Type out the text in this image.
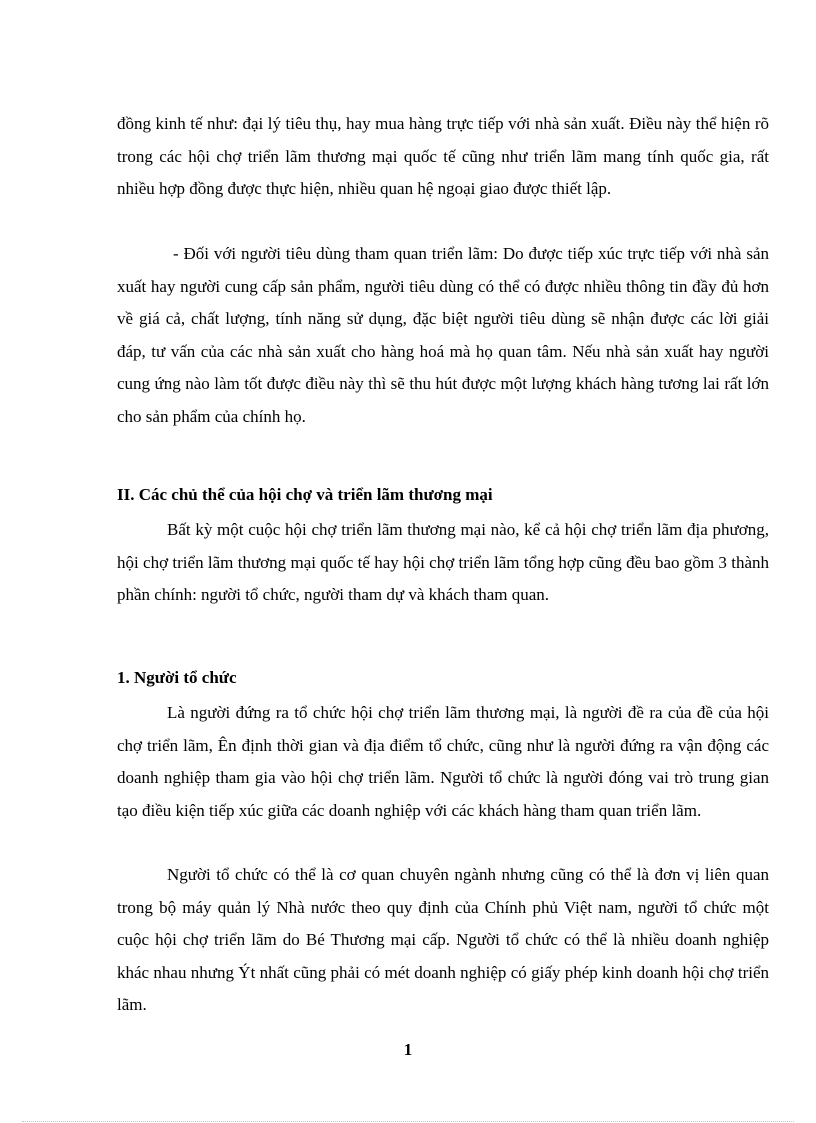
đồng kinh tế như: đại lý tiêu thụ, hay mua hàng trực tiếp với nhà sản xuất. Điều này thể hiện rõ trong các hội chợ triển lãm thương mại quốc tế cũng như triển lãm mang tính quốc gia, rất nhiều hợp đồng được thực hiện, nhiều quan hệ ngoại giao được thiết lập.
- Đối với người tiêu dùng tham quan triển lãm: Do được tiếp xúc trực tiếp với nhà sản xuất hay người cung cấp sản phẩm, người tiêu dùng có thể có được nhiều thông tin đầy đủ hơn về giá cả, chất lượng, tính năng sử dụng, đặc biệt người tiêu dùng sẽ nhận được các lời giải đáp, tư vấn của các nhà sản xuất cho hàng hoá mà họ quan tâm. Nếu nhà sản xuất hay người cung ứng nào làm tốt được điều này thì sẽ thu hút được một lượng khách hàng tương lai rất lớn cho sản phẩm của chính họ.
II. Các chủ thể của hội chợ và triển lãm thương mại
Bất kỳ một cuộc hội chợ triển lãm thương mại nào, kể cả hội chợ triển lãm địa phương, hội chợ triển lãm thương mại quốc tế hay hội chợ triển lãm tổng hợp cũng đều bao gồm 3 thành phần chính: người tổ chức, người tham dự và khách tham quan.
1. Người tổ chức
Là người đứng ra tổ chức hội chợ triển lãm thương mại, là người đề ra của đề của hội chợ triển lãm, Ên định thời gian và địa điểm tổ chức, cũng như là người đứng ra vận động các doanh nghiệp tham gia vào hội chợ triển lãm. Người tổ chức là người đóng vai trò trung gian tạo điều kiện tiếp xúc giữa các doanh nghiệp với các khách hàng tham quan triển lãm.
Người tổ chức có thể là cơ quan chuyên ngành nhưng cũng có thể là đơn vị liên quan trong bộ máy quản lý Nhà nước theo quy định của Chính phủ Việt nam, người tổ chức một cuộc hội chợ triển lãm do Bé Thương mại cấp. Người tổ chức có thể là nhiều doanh nghiệp khác nhau nhưng Ýt nhất cũng phải có mét doanh nghiệp có giấy phép kinh doanh hội chợ triển lãm.
1
